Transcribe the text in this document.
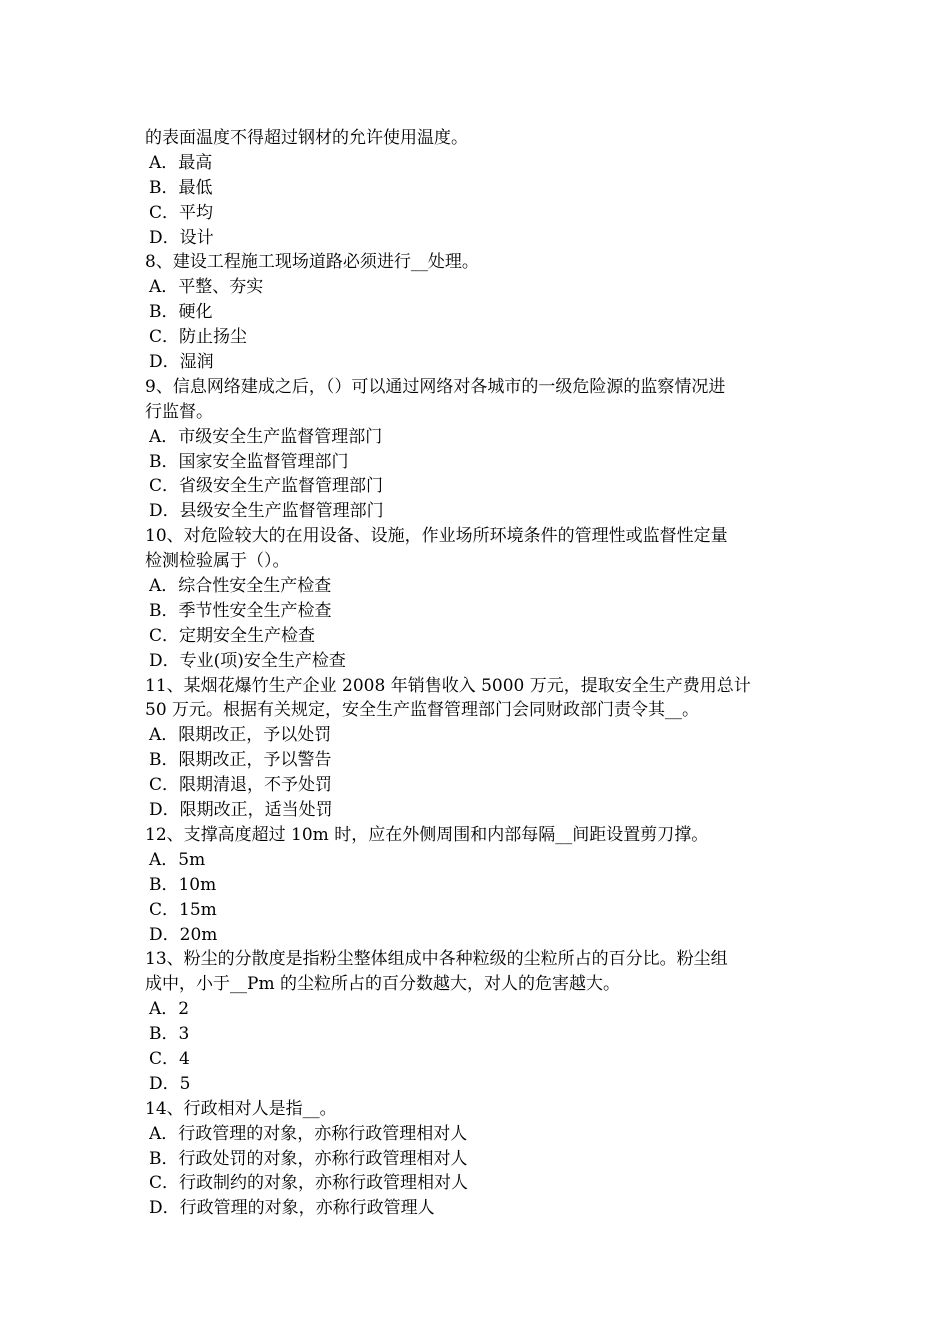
的表面温度不得超过钢材的允许使用温度。
A．最高
B．最低
C．平均
D．设计
8、建设工程施工现场道路必须进行__处理。
A．平整、夯实
B．硬化
C．防止扬尘
D．湿润
9、信息网络建成之后，（）可以通过网络对各城市的一级危险源的监察情况进
行监督。
A．市级安全生产监督管理部门
B．国家安全监督管理部门
C．省级安全生产监督管理部门
D．县级安全生产监督管理部门
10、对危险较大的在用设备、设施，作业场所环境条件的管理性或监督性定量
检测检验属于（）。
A．综合性安全生产检查
B．季节性安全生产检查
C．定期安全生产检查
D．专业(项)安全生产检查
11、某烟花爆竹生产企业 2008 年销售收入 5000 万元，提取安全生产费用总计
50 万元。根据有关规定，安全生产监督管理部门会同财政部门责令其__。
A．限期改正，予以处罚
B．限期改正，予以警告
C．限期清退，不予处罚
D．限期改正，适当处罚
12、支撑高度超过 10m 时，应在外侧周围和内部每隔__间距设置剪刀撑。
A．5m
B．10m
C．15m
D．20m
13、粉尘的分散度是指粉尘整体组成中各种粒级的尘粒所占的百分比。粉尘组
成中，小于__Pm 的尘粒所占的百分数越大，对人的危害越大。
A．2
B．3
C．4
D．5
14、行政相对人是指__。
A．行政管理的对象，亦称行政管理相对人
B．行政处罚的对象，亦称行政管理相对人
C．行政制约的对象，亦称行政管理相对人
D．行政管理的对象，亦称行政管理人
